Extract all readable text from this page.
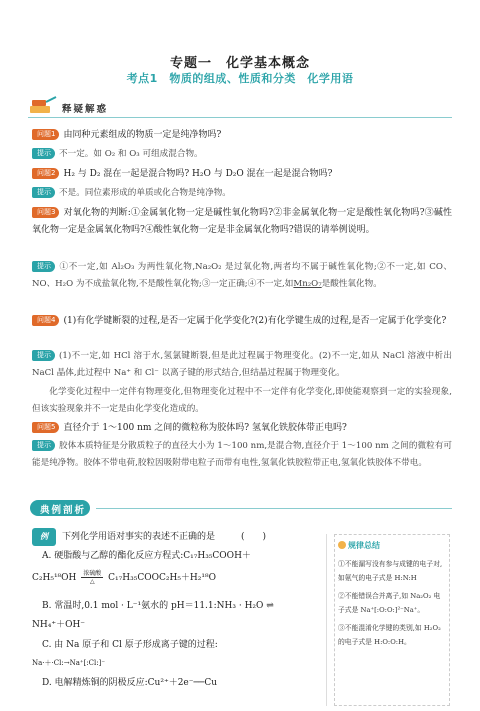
专题一　化学基本概念
考点1　物质的组成、性质和分类　化学用语
释疑解惑
问题1 由同种元素组成的物质一定是纯净物吗?
提示 不一定。如 O₂ 和 O₃ 可组成混合物。
问题2 H₂ 与 D₂ 混在一起是混合物吗? H₂O 与 D₂O 混在一起是混合物吗?
提示 不是。同位素形成的单质或化合物是纯净物。
问题3 对氧化物的判断:①金属氧化物一定是碱性氧化物吗?②非金属氧化物一定是酸性氧化物吗?③碱性氧化物一定是金属氧化物吗?④酸性氧化物一定是非金属氧化物吗?错误的请举例说明。
提示 ①不一定,如 Al₂O₃ 为两性氧化物,Na₂O₂ 是过氧化物,两者均不属于碱性氧化物;②不一定,如 CO、NO、H₂O 为不成盐氧化物,不是酸性氧化物;③一定正确;④不一定,如Mn₂O₇是酸性氧化物。
问题4 (1)有化学键断裂的过程,是否一定属于化学变化?(2)有化学键生成的过程,是否一定属于化学变化?
提示 (1)不一定,如 HCl 溶于水,氢氯键断裂,但是此过程属于物理变化。(2)不一定,如从 NaCl 溶液中析出 NaCl 晶体,此过程中 Na⁺ 和 Cl⁻ 以离子键的形式结合,但结晶过程属于物理变化。
化学变化过程中一定伴有物理变化,但物理变化过程中不一定伴有化学变化,即使能观察到一定的实验现象,但该实验现象并不一定是由化学变化造成的。
问题5 直径介于 1～100 nm 之间的微粒称为胶体吗? 氢氧化铁胶体带正电吗?
提示 胶体本质特征是分散质粒子的直径大小为 1～100 nm,是混合物,直径介于 1～100 nm 之间的微粒有可能是纯净物。胶体不带电荷,胶粒因吸附带电粒子而带有电性,氢氧化铁胶粒带正电,氢氧化铁胶体不带电。
典例剖析
例 下列化学用语对事实的表述不正确的是	(　　)
A. 硬脂酸与乙醇的酯化反应方程式:C₁₇H₃₅COOH＋
C₂H₅¹⁸OH	浓硫酸
△	C₁₇H₃₅COOC₂H₅＋H₂¹⁸O
B. 常温时,0.1 mol · L⁻¹氨水的 pH＝11.1:NH₃ · H₂O ⇌
NH₄⁺＋OH⁻
C. 由 Na 原子和 Cl 原子形成离子键的过程:
Na·＋·Cl:→Na⁺[:Cl:]⁻
D. 电解精炼铜的阴极反应:Cu²⁺＋2e⁻──Cu
规律总结
①不能漏写没有参与成键的电子对,如氨气的电子式是 H:N:H
②不能错误合并离子,如 Na₂O₂ 电子式是 Na⁺[:O:O:]²⁻Na⁺。
③不能混淆化学键的类别,如 H₂O₂ 的电子式是 H:O:O:H。
